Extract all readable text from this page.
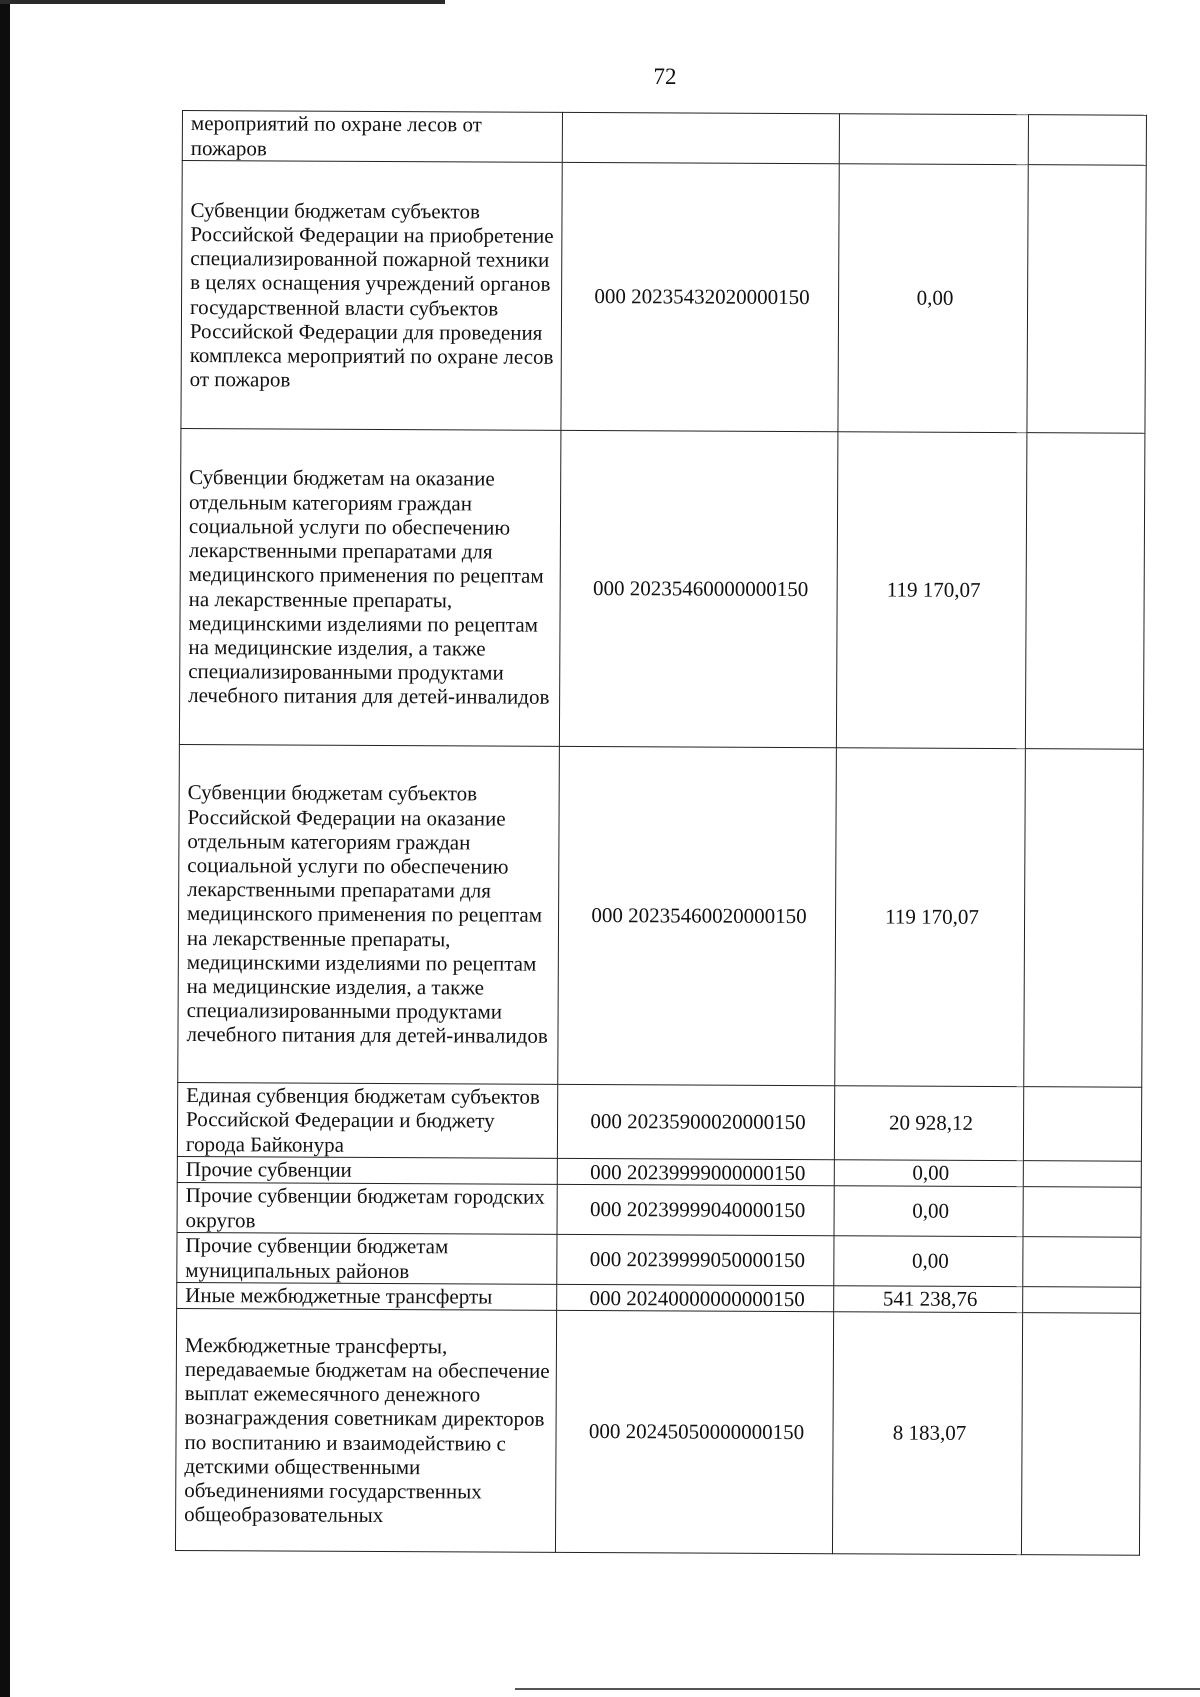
72
мероприятий по охране лесов от пожаров			
Субвенции бюджетам субъектов Российской Федерации на приобретение специализированной пожарной техники в целях оснащения учреждений органов государственной власти субъектов Российской Федерации для проведения комплекса мероприятий по охране лесов от пожаров	000 20235432020000150	0,00	
Субвенции бюджетам на оказание отдельным категориям граждан социальной услуги по обеспечению лекарственными препаратами для медицинского применения по рецептам на лекарственные препараты, медицинскими изделиями по рецептам на медицинские изделия, а также специализированными продуктами лечебного питания для детей-инвалидов	000 20235460000000150	119 170,07	
Субвенции бюджетам субъектов Российской Федерации на оказание отдельным категориям граждан социальной услуги по обеспечению лекарственными препаратами для медицинского применения по рецептам на лекарственные препараты, медицинскими изделиями по рецептам на медицинские изделия, а также специализированными продуктами лечебного питания для детей-инвалидов	000 20235460020000150	119 170,07	
Единая субвенция бюджетам субъектов Российской Федерации и бюджету города Байконура	000 20235900020000150	20 928,12	
Прочие субвенции	000 20239999000000150	0,00	
Прочие субвенции бюджетам городских округов	000 20239999040000150	0,00	
Прочие субвенции бюджетам муниципальных районов	000 20239999050000150	0,00	
Иные межбюджетные трансферты	000 20240000000000150	541 238,76	
Межбюджетные трансферты, передаваемые бюджетам на обеспечение выплат ежемесячного денежного вознаграждения советникам директоров по воспитанию и взаимодействию с детскими общественными объединениями государственных общеобразовательных	000 20245050000000150	8 183,07	
